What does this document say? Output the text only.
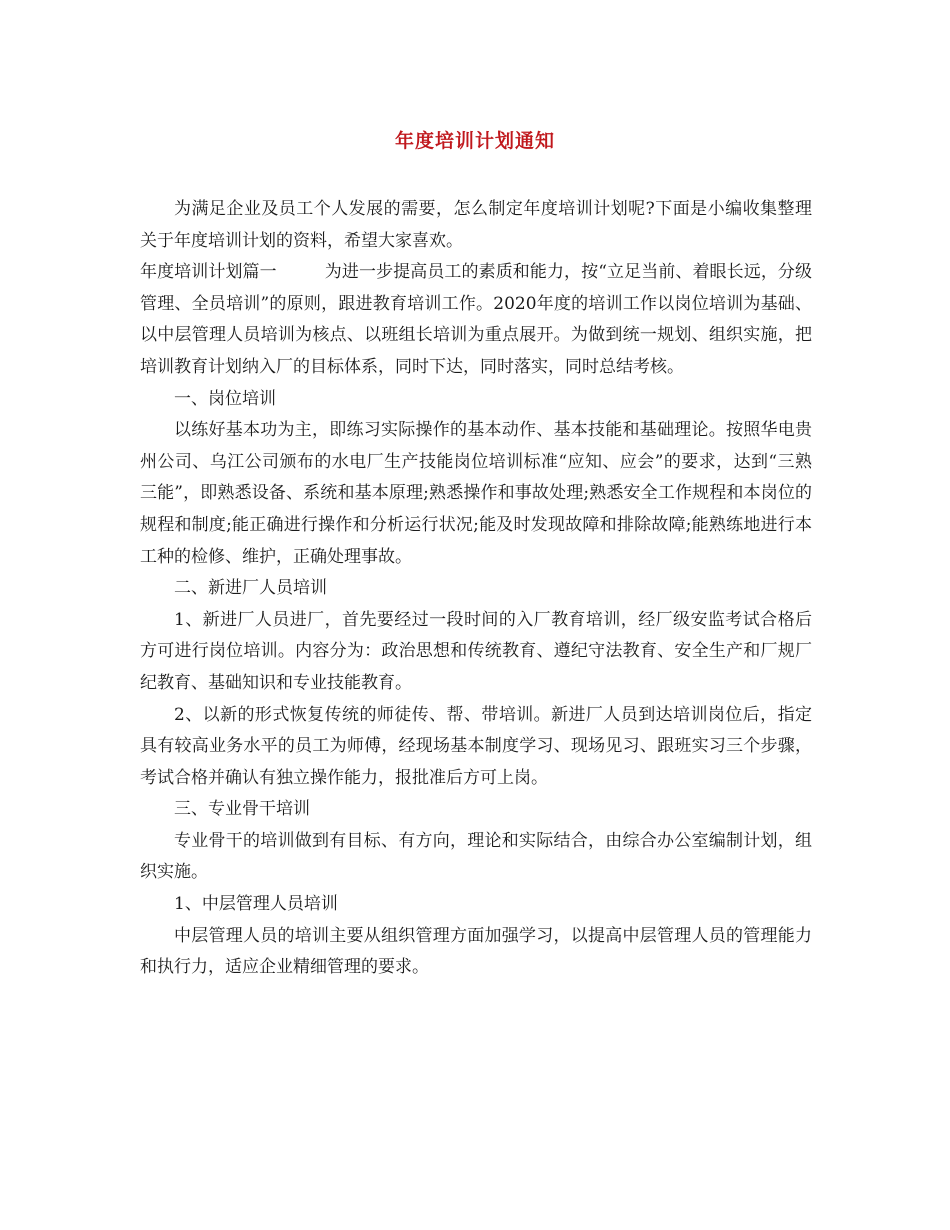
年度培训计划通知

为满足企业及员工个人发展的需要，怎么制定年度培训计划呢?下面是小编收集整理关于年度培训计划的资料，希望大家喜欢。

年度培训计划篇一	为进一步提高员工的素质和能力，按“立足当前、着眼长远，分级管理、全员培训”的原则，跟进教育培训工作。2020年度的培训工作以岗位培训为基础、以中层管理人员培训为核点、以班组长培训为重点展开。为做到统一规划、组织实施，把培训教育计划纳入厂的目标体系，同时下达，同时落实，同时总结考核。

一、岗位培训

以练好基本功为主，即练习实际操作的基本动作、基本技能和基础理论。按照华电贵州公司、乌江公司颁布的水电厂生产技能岗位培训标准“应知、应会”的要求，达到“三熟三能”，即熟悉设备、系统和基本原理;熟悉操作和事故处理;熟悉安全工作规程和本岗位的规程和制度;能正确进行操作和分析运行状况;能及时发现故障和排除故障;能熟练地进行本工种的检修、维护，正确处理事故。

二、新进厂人员培训

1、新进厂人员进厂，首先要经过一段时间的入厂教育培训，经厂级安监考试合格后方可进行岗位培训。内容分为：政治思想和传统教育、遵纪守法教育、安全生产和厂规厂纪教育、基础知识和专业技能教育。

2、以新的形式恢复传统的师徒传、帮、带培训。新进厂人员到达培训岗位后，指定具有较高业务水平的员工为师傅，经现场基本制度学习、现场见习、跟班实习三个步骤，考试合格并确认有独立操作能力，报批准后方可上岗。

三、专业骨干培训

专业骨干的培训做到有目标、有方向，理论和实际结合，由综合办公室编制计划，组织实施。

1、中层管理人员培训

中层管理人员的培训主要从组织管理方面加强学习，以提高中层管理人员的管理能力和执行力，适应企业精细管理的要求。
